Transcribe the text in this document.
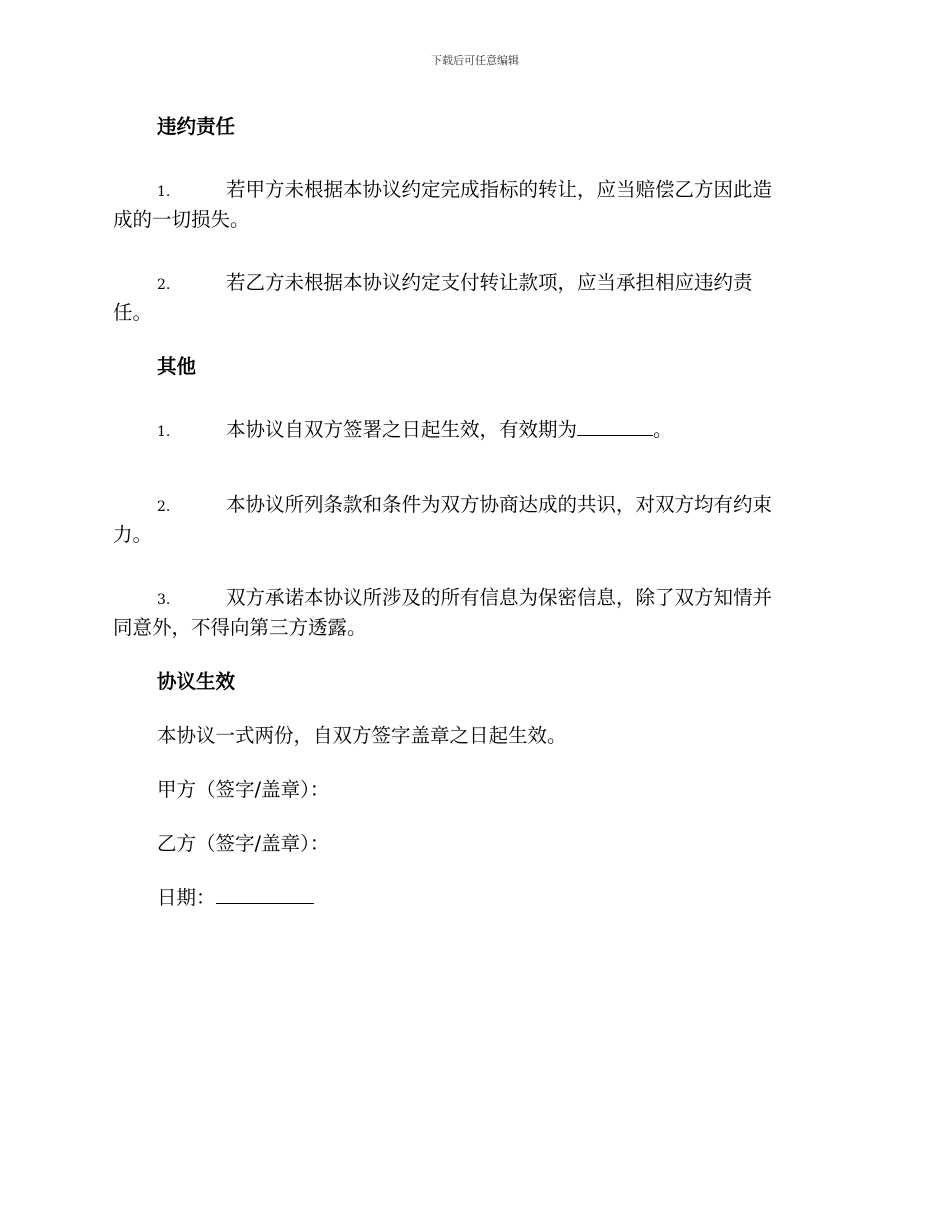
下载后可任意编辑
违约责任
1.	若甲方未根据本协议约定完成指标的转让，应当赔偿乙方因此造
成的一切损失。
2.	若乙方未根据本协议约定支付转让款项，应当承担相应违约责
任。
其他
1.	本协议自双方签署之日起生效，有效期为	。
2.	本协议所列条款和条件为双方协商达成的共识，对双方均有约束
力。
3.	双方承诺本协议所涉及的所有信息为保密信息，除了双方知情并
同意外，不得向第三方透露。
协议生效
本协议一式两份，自双方签字盖章之日起生效。
甲方（签字/盖章）：
乙方（签字/盖章）：
日期：
